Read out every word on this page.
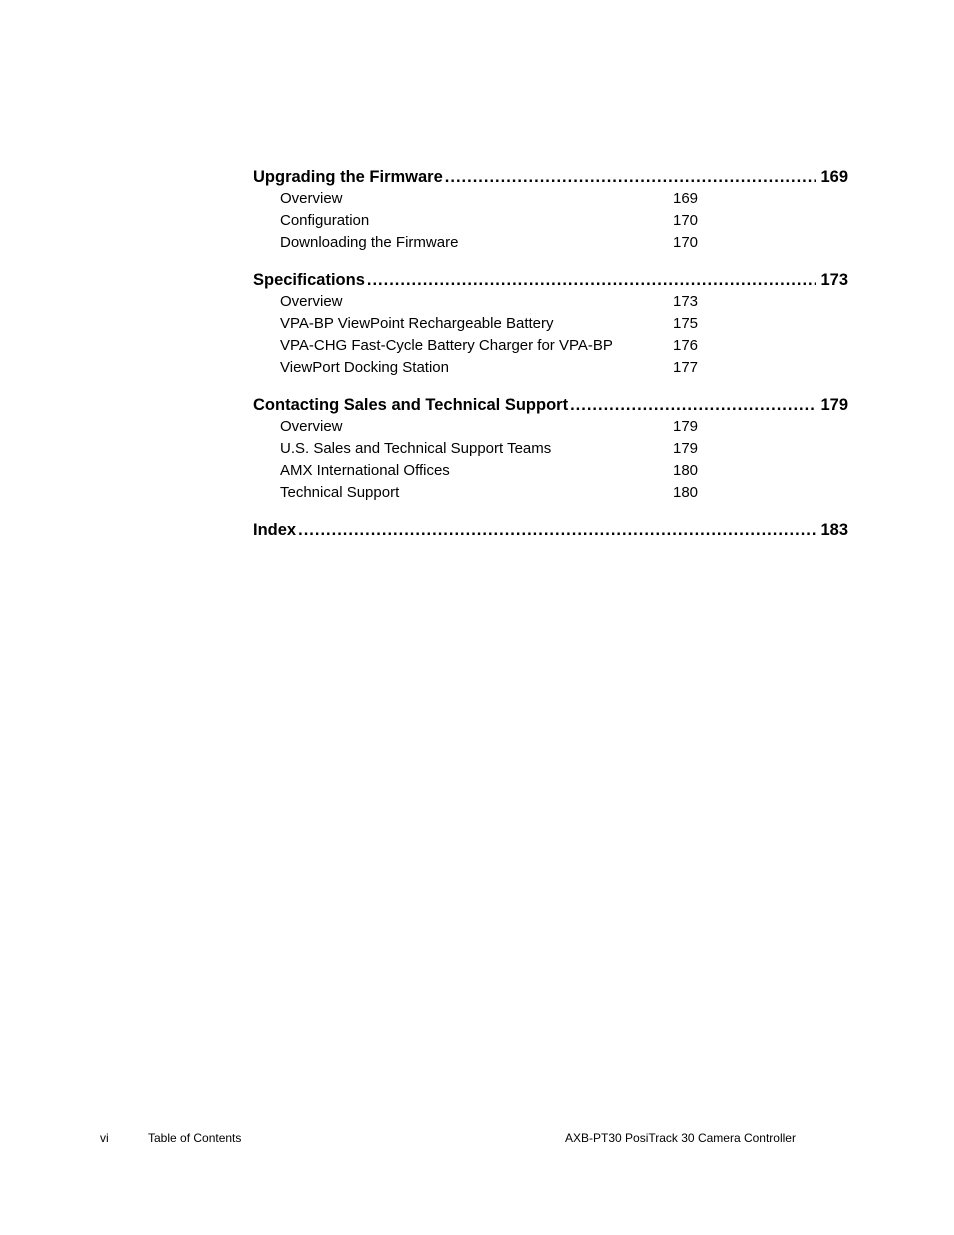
Upgrading the Firmware .....	169
Overview	169
Configuration	170
Downloading the Firmware	170
Specifications .....	173
Overview	173
VPA-BP ViewPoint Rechargeable Battery	175
VPA-CHG Fast-Cycle Battery Charger for VPA-BP	176
ViewPort Docking Station	177
Contacting Sales and Technical Support .....	179
Overview	179
U.S. Sales and Technical Support Teams	179
AMX International Offices	180
Technical Support	180
Index .....	183
vi	Table of Contents	AXB-PT30 PosiTrack 30 Camera Controller
